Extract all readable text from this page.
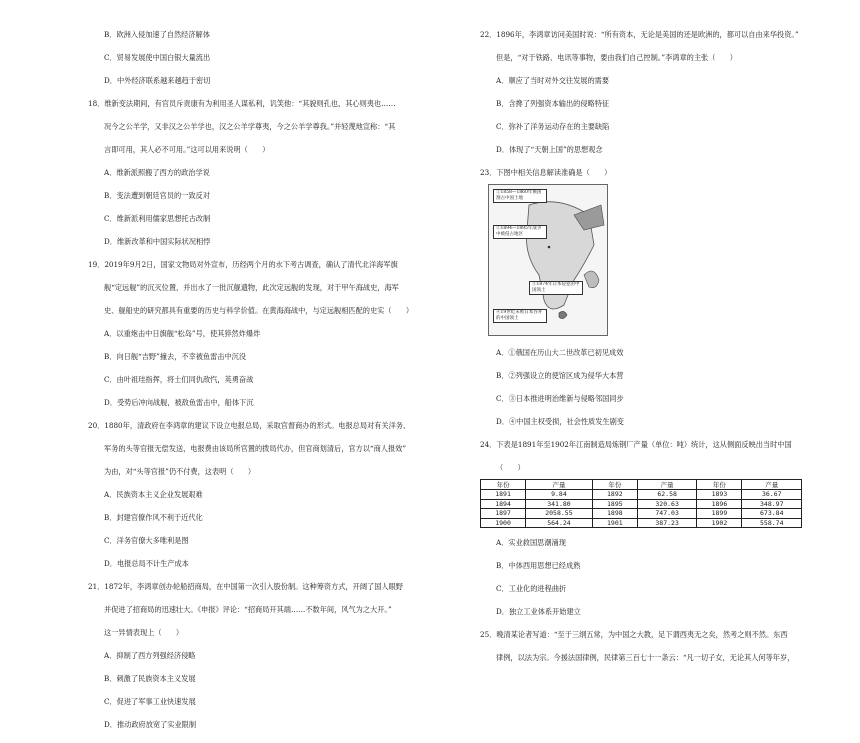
B．欧洲入侵加速了自然经济解体

C．贸易发展使中国白银大量流出

D．中外经济联系越来越趋于密切

18．维新变法期间，有官员斥责康有为利用圣人谋私利，讥笑他：“其貌则孔也，其心则夷也……

况今之公羊学，又非汉之公羊学也，汉之公羊学尊夷，今之公羊学尊我。”并轻蔑地宣称：“其

言即可用，其人必不可用。”这可以用来说明（　　）

A．维新派照搬了西方的政治学说

B．变法遭到朝廷官员的一致反对

C．维新派利用儒家思想托古改制

D．维新改革和中国实际状况相悖

19．2019年9月2日，国家文物局对外宣布，历经两个月的水下考古调查，确认了清代北洋海军旗

舰“定远舰”的沉灭位置，并出水了一批沉舰遗物，此次定远舰的发现，对于甲午海战史，海军

史、舰船史的研究都具有重要的历史与科学价值。在黄海海战中，与定远舰相匹配的史实（　　）

A．以重炮击中日旗舰“松岛”号，使其猝然炸爆炸

B．向日舰“吉野”撞去，不幸被鱼雷击中沉没

C．由叶祖珪指挥，将士们同仇敌忾，英勇奋战

D．受势后冲向战舰，被敌鱼雷击中，船体下沉

20．1880年，清政府在李鸿章的建议下设立电报总局，采取官督商办的形式。电报总局对有关洋务、

军务的头等官报无偿发送，电报费由该局所官置的拨局代办，但官商划清后，官方以“商人报效”

为由，对“头等官报”仍不付费，这表明（　　）

A．民族资本主义企业发展艰难

B．封建官僚作风不利于近代化

C．洋务官僚大多唯利是图

D．电报总局不计生产成本

21．1872年，李鸿章创办轮船招商局，在中国第一次引入股份制。这种筹资方式，开阔了国人眼野

并促进了招商局的迅速壮大。《申报》评论：“招商局开其端……不数年间，风气为之大开。”

这一异情表现上（　　）

A．抑制了西方列强经济侵略

B．刺激了民族资本主义发展

C．促进了军事工业快速发展

D．推动政府放宽了实业限制

22．1896年，李鸿章访问美国时说：“所有资本，无论是美国的还是欧洲的，都可以自由来华投资。”

但是，“对于铁路、电讯等事物，要由我们自己控制。”李鸿章的主张（　　）

A．顺应了当时对外交往发展的需要

B．含搀了列强资本输出的侵略特征

C．弥补了洋务运动存在的主要缺陷

D．体现了“天朝上国”的思想观念

23．下图中相关信息解读准确是（　　）

①1858—1860年俄国割占中国土地
②1894—1895年战争中被侵占地区
③1874年日本侵犯的中国领土
④19世纪末被日本吞并的中国领土

A．①俄国在历山大二世改革已初见成效

B．②列强设立的使馆区成为侵华大本营

C．③日本推进明治维新与侵略邻国同步

D．④中国主权受损，社会性质发生剧变

24．下表是1891年至1902年江南制造局炼钢厂产量（单位：吨）统计，这从侧面反映出当时中国

（　　）

年份	产量	年份	产量	年份	产量
1891	9.84	1892	62.58	1893	36.67
1894	341.80	1895	320.63	1896	348.97
1897	2058.55	1898	747.03	1899	673.84
1900	564.24	1901	387.23	1902	558.74

A．实业救国思潮涌现

B．中体西用思想已经成熟

C．工业化的进程曲折

D．独立工业体系开始建立

25．晚清某论者写道：“至于三纲五常，为中国之大教，足下谓西夷无之矣，然考之则不然。东西

律例，以法为宗。今援法国律例，民律第三百七十一条云：“凡一切子女，无论其人何等年岁，
